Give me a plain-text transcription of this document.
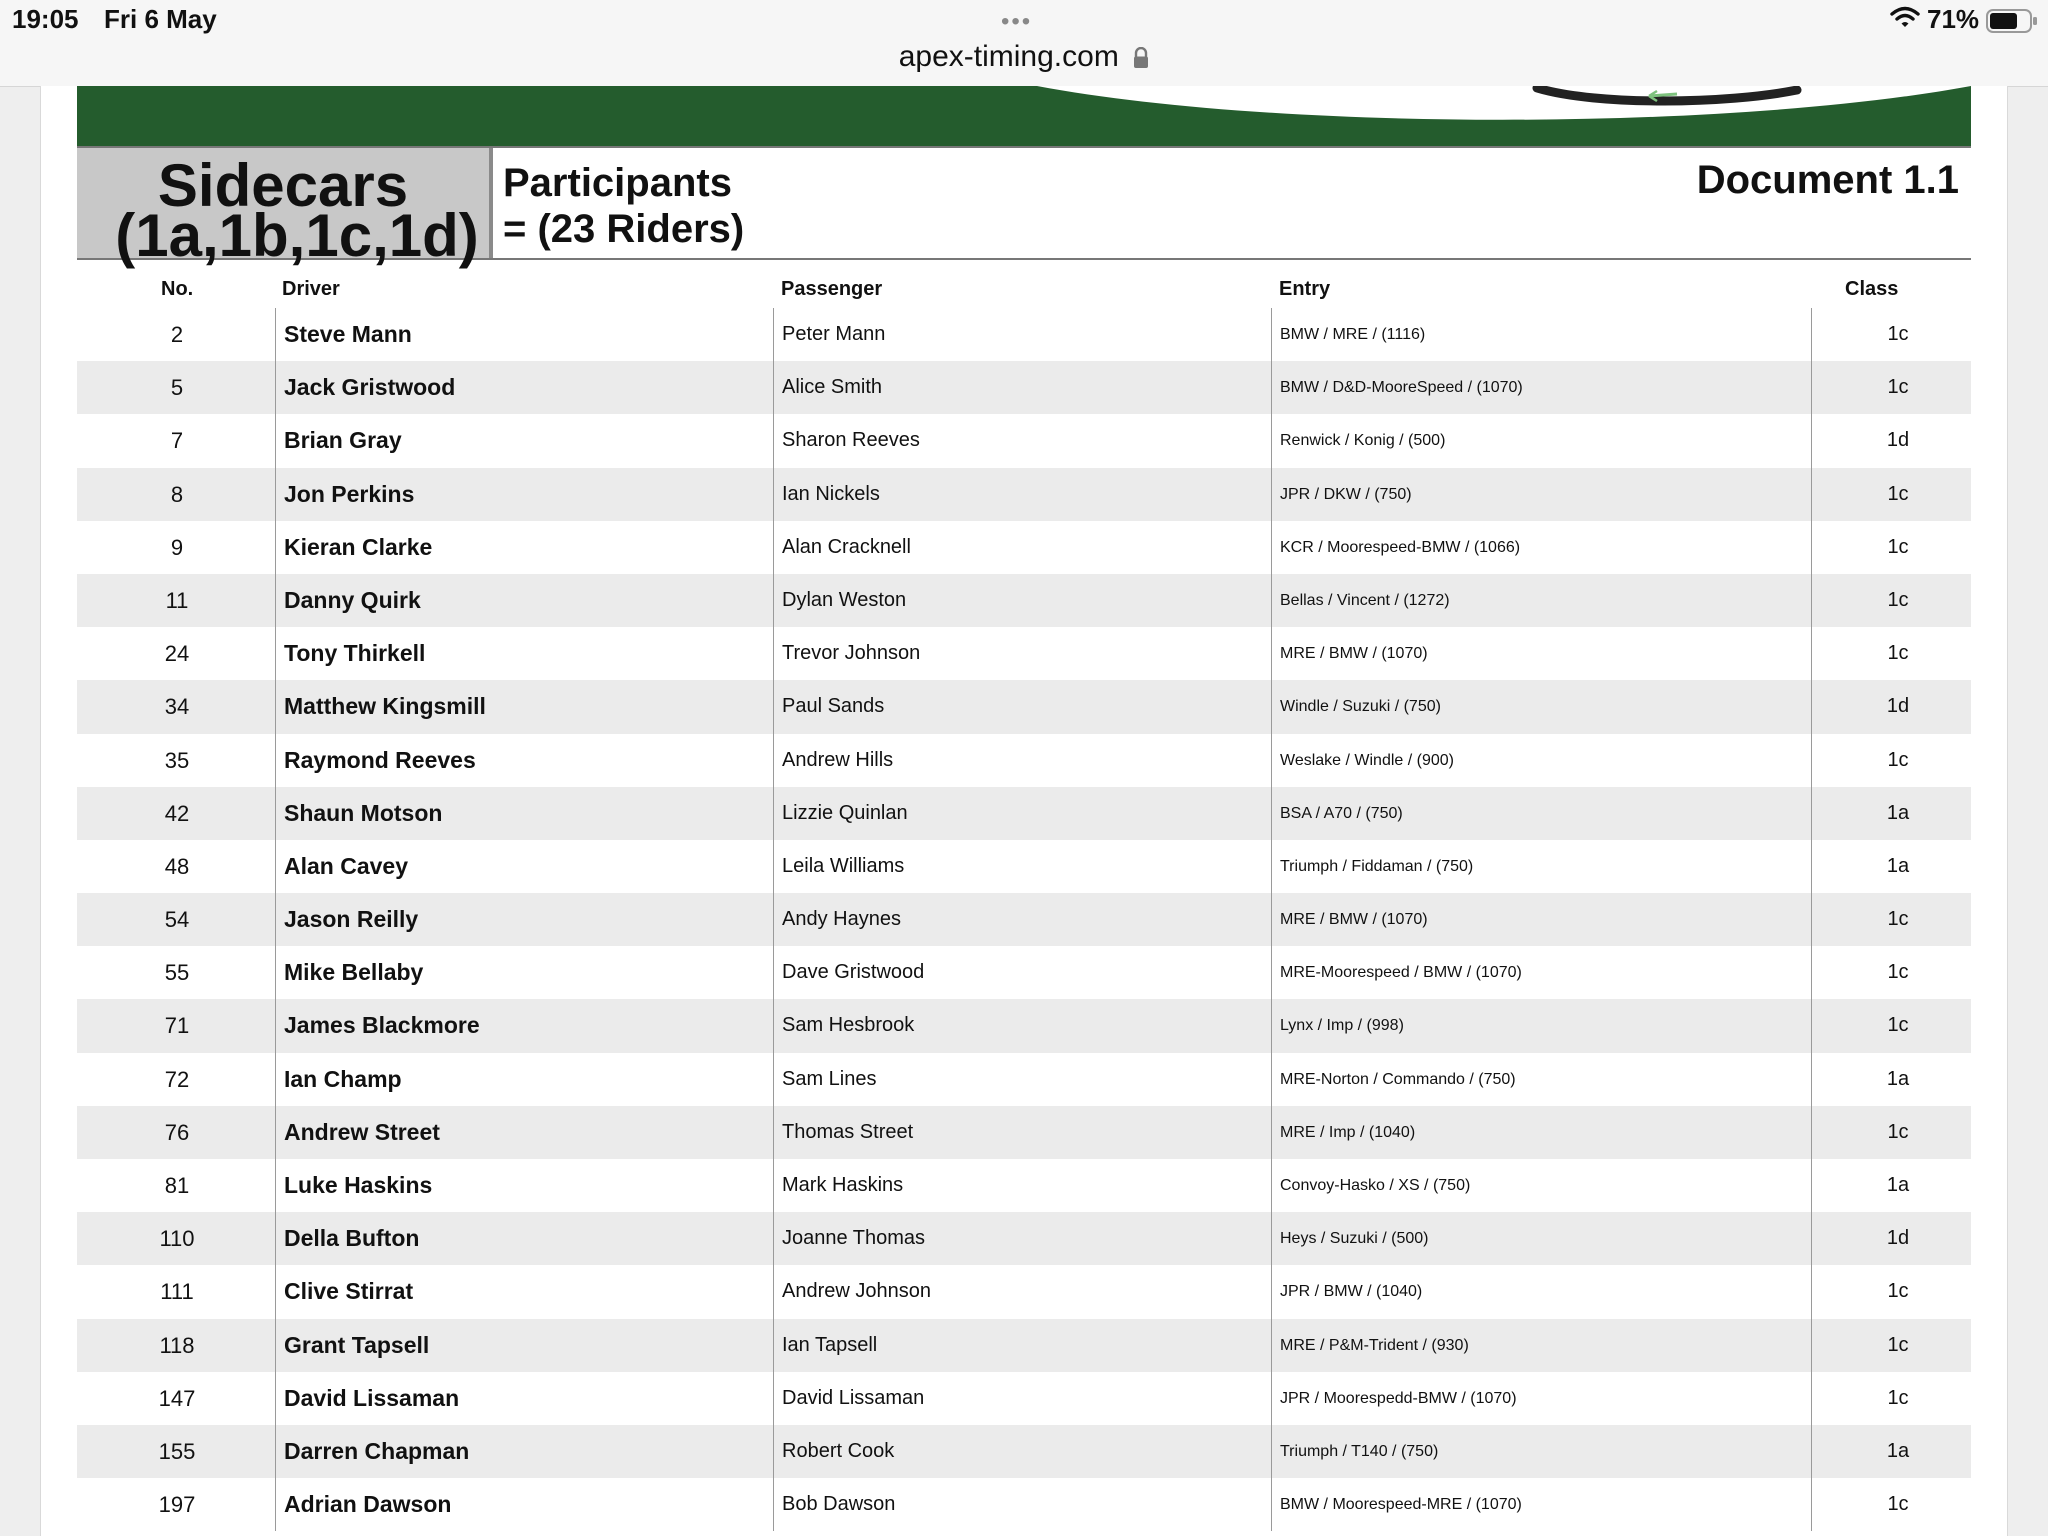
19:05 Fri 6 May	•••
apex-timing.com
71%
Sidecars
(1a,1b,1c,1d)
Participants
= (23 Riders)
Document 1.1
No.	Driver	Passenger	Entry	Class
2	Steve Mann	Peter Mann	BMW / MRE / (1116)	1c
5	Jack Gristwood	Alice Smith	BMW / D&D-MooreSpeed / (1070)	1c
7	Brian Gray	Sharon Reeves	Renwick / Konig / (500)	1d
8	Jon Perkins	Ian Nickels	JPR / DKW / (750)	1c
9	Kieran Clarke	Alan Cracknell	KCR / Moorespeed-BMW / (1066)	1c
11	Danny Quirk	Dylan Weston	Bellas / Vincent / (1272)	1c
24	Tony Thirkell	Trevor Johnson	MRE / BMW / (1070)	1c
34	Matthew Kingsmill	Paul Sands	Windle / Suzuki / (750)	1d
35	Raymond Reeves	Andrew Hills	Weslake / Windle / (900)	1c
42	Shaun Motson	Lizzie Quinlan	BSA / A70 / (750)	1a
48	Alan Cavey	Leila Williams	Triumph / Fiddaman / (750)	1a
54	Jason Reilly	Andy Haynes	MRE / BMW / (1070)	1c
55	Mike Bellaby	Dave Gristwood	MRE-Moorespeed / BMW / (1070)	1c
71	James Blackmore	Sam Hesbrook	Lynx / Imp / (998)	1c
72	Ian Champ	Sam Lines	MRE-Norton / Commando / (750)	1a
76	Andrew Street	Thomas Street	MRE / Imp / (1040)	1c
81	Luke Haskins	Mark Haskins	Convoy-Hasko / XS / (750)	1a
110	Della Bufton	Joanne Thomas	Heys / Suzuki / (500)	1d
111	Clive Stirrat	Andrew Johnson	JPR / BMW / (1040)	1c
118	Grant Tapsell	Ian Tapsell	MRE / P&M-Trident / (930)	1c
147	David Lissaman	David Lissaman	JPR / Moorespedd-BMW / (1070)	1c
155	Darren Chapman	Robert Cook	Triumph / T140 / (750)	1a
197	Adrian Dawson	Bob Dawson	BMW / Moorespeed-MRE / (1070)	1c
